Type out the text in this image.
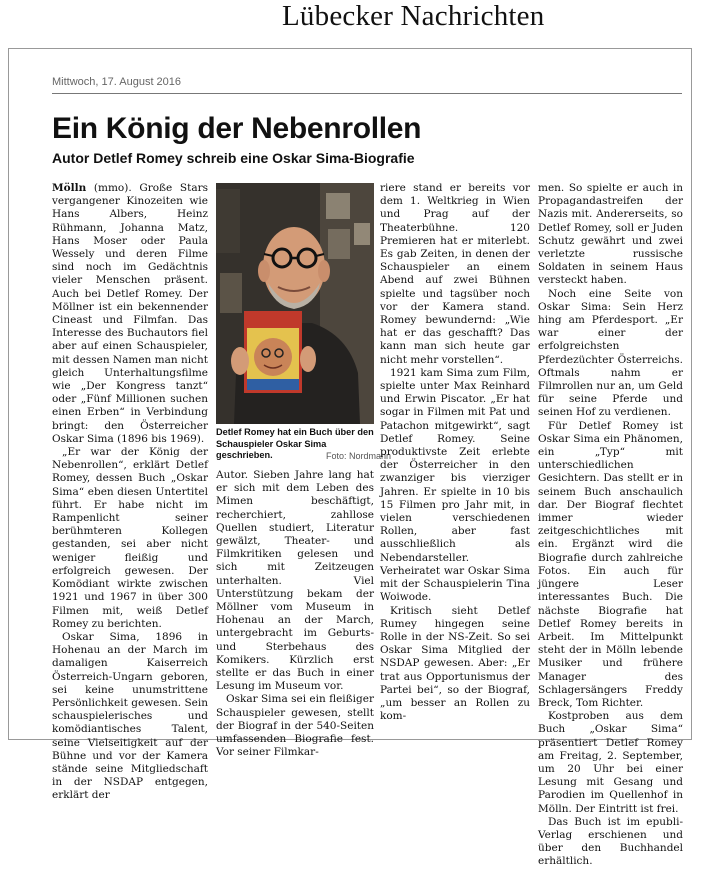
Lübecker Nachrichten
Mittwoch, 17. August 2016
Ein König der Nebenrollen
Autor Detlef Romey schreib eine Oskar Sima-Biografie

Mölln (mmo). Große Stars vergangener Kinozeiten wie Hans Albers, Heinz Rühmann, Johanna Matz, Hans Moser oder Paula Wessely und deren Filme sind noch im Gedächtnis vieler Menschen präsent. Auch bei Detlef Romey. Der Möllner ist ein bekennender Cineast und Filmfan. Das Interesse des Buchautors fiel aber auf einen Schauspieler, mit dessen Namen man nicht gleich Unterhaltungsfilme wie „Der Kongress tanzt“ oder „Fünf Millionen suchen einen Erben“ in Verbindung bringt: den Österreicher Oskar Sima (1896 bis 1969).

„Er war der König der Nebenrollen“, erklärt Detlef Romey, dessen Buch „Oskar Sima“ eben diesen Untertitel führt. Er habe nicht im Rampenlicht seiner berühmteren Kollegen gestanden, sei aber nicht weniger fleißig und erfolgreich gewesen. Der Komödiant wirkte zwischen 1921 und 1967 in über 300 Filmen mit, weiß Detlef Romey zu berichten.

Oskar Sima, 1896 in Hohenau an der March im damaligen Kaiserreich Österreich-Ungarn geboren, sei keine unumstrittene Persönlichkeit gewesen. Sein schauspielerisches und komödiantisches Talent, seine Vielseitigkeit auf der Bühne und vor der Kamera stände seine Mitgliedschaft in der NSDAP entgegen, erklärt der

Detlef Romey hat ein Buch über den Schauspieler Oskar Sima geschrieben.	Foto: Nordmann

Autor. Sieben Jahre lang hat er sich mit dem Leben des Mimen beschäftigt, recherchiert, zahllose Quellen studiert, Literatur gewälzt, Theater- und Filmkritiken gelesen und sich mit Zeitzeugen unterhalten. Viel Unterstützung bekam der Möllner vom Museum in Hohenau an der March, untergebracht im Geburts- und Sterbehaus des Komikers. Kürzlich erst stellte er das Buch in einer Lesung im Museum vor.

Oskar Sima sei ein fleißiger Schauspieler gewesen, stellt der Biograf in der 540-Seiten umfassenden Biografie fest. Vor seiner Filmkar-

riere stand er bereits vor dem 1. Weltkrieg in Wien und Prag auf der Theaterbühne. 120 Premieren hat er miterlebt. Es gab Zeiten, in denen der Schauspieler an einem Abend auf zwei Bühnen spielte und tagsüber noch vor der Kamera stand. Romey bewundernd: „Wie hat er das geschafft? Das kann man sich heute gar nicht mehr vorstellen“.

1921 kam Sima zum Film, spielte unter Max Reinhard und Erwin Piscator. „Er hat sogar in Filmen mit Pat und Patachon mitgewirkt“, sagt Detlef Romey. Seine produktivste Zeit erlebte der Österreicher in den zwanziger bis vierziger Jahren. Er spielte in 10 bis 15 Filmen pro Jahr mit, in vielen verschiedenen Rollen, aber fast ausschließlich als Nebendarsteller. Verheiratet war Oskar Sima mit der Schauspielerin Tina Woiwode.

Kritisch sieht Detlef Rumey hingegen seine Rolle in der NS-Zeit. So sei Oskar Sima Mitglied der NSDAP gewesen. Aber: „Er trat aus Opportunismus der Partei bei“, so der Biograf, „um besser an Rollen zu kom-

men. So spielte er auch in Propagandastreifen der Nazis mit. Andererseits, so Detlef Romey, soll er Juden Schutz gewährt und zwei verletzte russische Soldaten in seinem Haus versteckt haben.

Noch eine Seite von Oskar Sima: Sein Herz hing am Pferdesport. „Er war einer der erfolgreichsten Pferdezüchter Österreichs. Oftmals nahm er Filmrollen nur an, um Geld für seine Pferde und seinen Hof zu verdienen.

Für Detlef Romey ist Oskar Sima ein Phänomen, ein „Typ“ mit unterschiedlichen Gesichtern. Das stellt er in seinem Buch anschaulich dar. Der Biograf flechtet immer wieder zeitgeschichtliches mit ein. Ergänzt wird die Biografie durch zahlreiche Fotos. Ein auch für jüngere Leser interessantes Buch. Die nächste Biografie hat Detlef Romey bereits in Arbeit. Im Mittelpunkt steht der in Mölln lebende Musiker und frühere Manager des Schlagersängers Freddy Breck, Tom Richter.

Kostproben aus dem Buch „Oskar Sima“ präsentiert Detlef Romey am Freitag, 2. September, um 20 Uhr bei einer Lesung mit Gesang und Parodien im Quellenhof in Mölln. Der Eintritt ist frei.

Das Buch ist im epubli-Verlag erschienen und über den Buchhandel erhältlich.
